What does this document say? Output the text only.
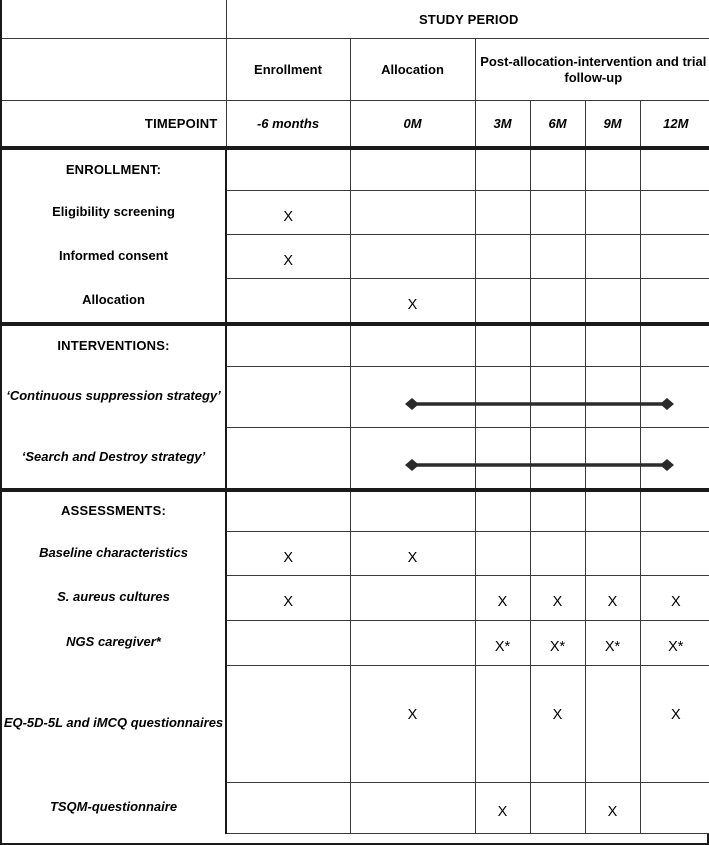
	STUDY PERIOD					
	Enrollment	Allocation	Post-allocation-intervention and trial follow-up			
TIMEPOINT	-6 months	0M	3M	6M	9M	12M
ENROLLMENT:						
Eligibility screening	X					

Informed consent	X					

Allocation		X				

INTERVENTIONS:						
‘Continuous suppression strategy’						
‘Search and Destroy strategy’						
ASSESSMENTS:						
Baseline characteristics	X	X				

S. aureus cultures	X		X	X	X	X

NGS caregiver*			X*	X*	X*	X*

EQ-5D-5L and iMCQ questionnaires		X		X		X

TSQM-questionnaire			X		X	
